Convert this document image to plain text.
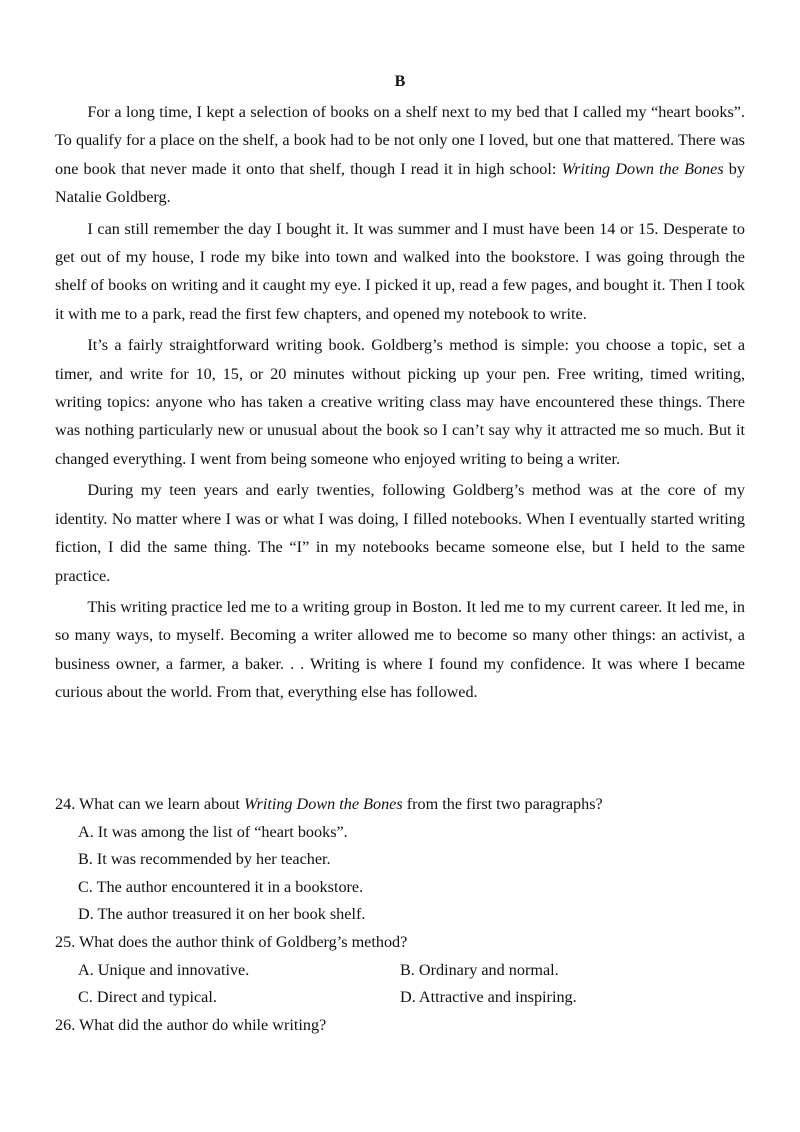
B

For a long time, I kept a selection of books on a shelf next to my bed that I called my “heart books”. To qualify for a place on the shelf, a book had to be not only one I loved, but one that mattered. There was one book that never made it onto that shelf, though I read it in high school: Writing Down the Bones by Natalie Goldberg.

I can still remember the day I bought it. It was summer and I must have been 14 or 15. Desperate to get out of my house, I rode my bike into town and walked into the bookstore. I was going through the shelf of books on writing and it caught my eye. I picked it up, read a few pages, and bought it. Then I took it with me to a park, read the first few chapters, and opened my notebook to write.

It’s a fairly straightforward writing book. Goldberg’s method is simple: you choose a topic, set a timer, and write for 10, 15, or 20 minutes without picking up your pen. Free writing, timed writing, writing topics: anyone who has taken a creative writing class may have encountered these things. There was nothing particularly new or unusual about the book so I can’t say why it attracted me so much. But it changed everything. I went from being someone who enjoyed writing to being a writer.

During my teen years and early twenties, following Goldberg’s method was at the core of my identity. No matter where I was or what I was doing, I filled notebooks. When I eventually started writing fiction, I did the same thing. The “I” in my notebooks became someone else, but I held to the same practice.

This writing practice led me to a writing group in Boston. It led me to my current career. It led me, in so many ways, to myself. Becoming a writer allowed me to become so many other things: an activist, a business owner, a farmer, a baker. . . Writing is where I found my confidence. It was where I became curious about the world. From that, everything else has followed.

24. What can we learn about Writing Down the Bones from the first two paragraphs?

A. It was among the list of “heart books”.

B. It was recommended by her teacher.

C. The author encountered it in a bookstore.

D. The author treasured it on her book shelf.

25. What does the author think of Goldberg’s method?

A. Unique and innovative.	B. Ordinary and normal.
C. Direct and typical.	D. Attractive and inspiring.

26. What did the author do while writing?
